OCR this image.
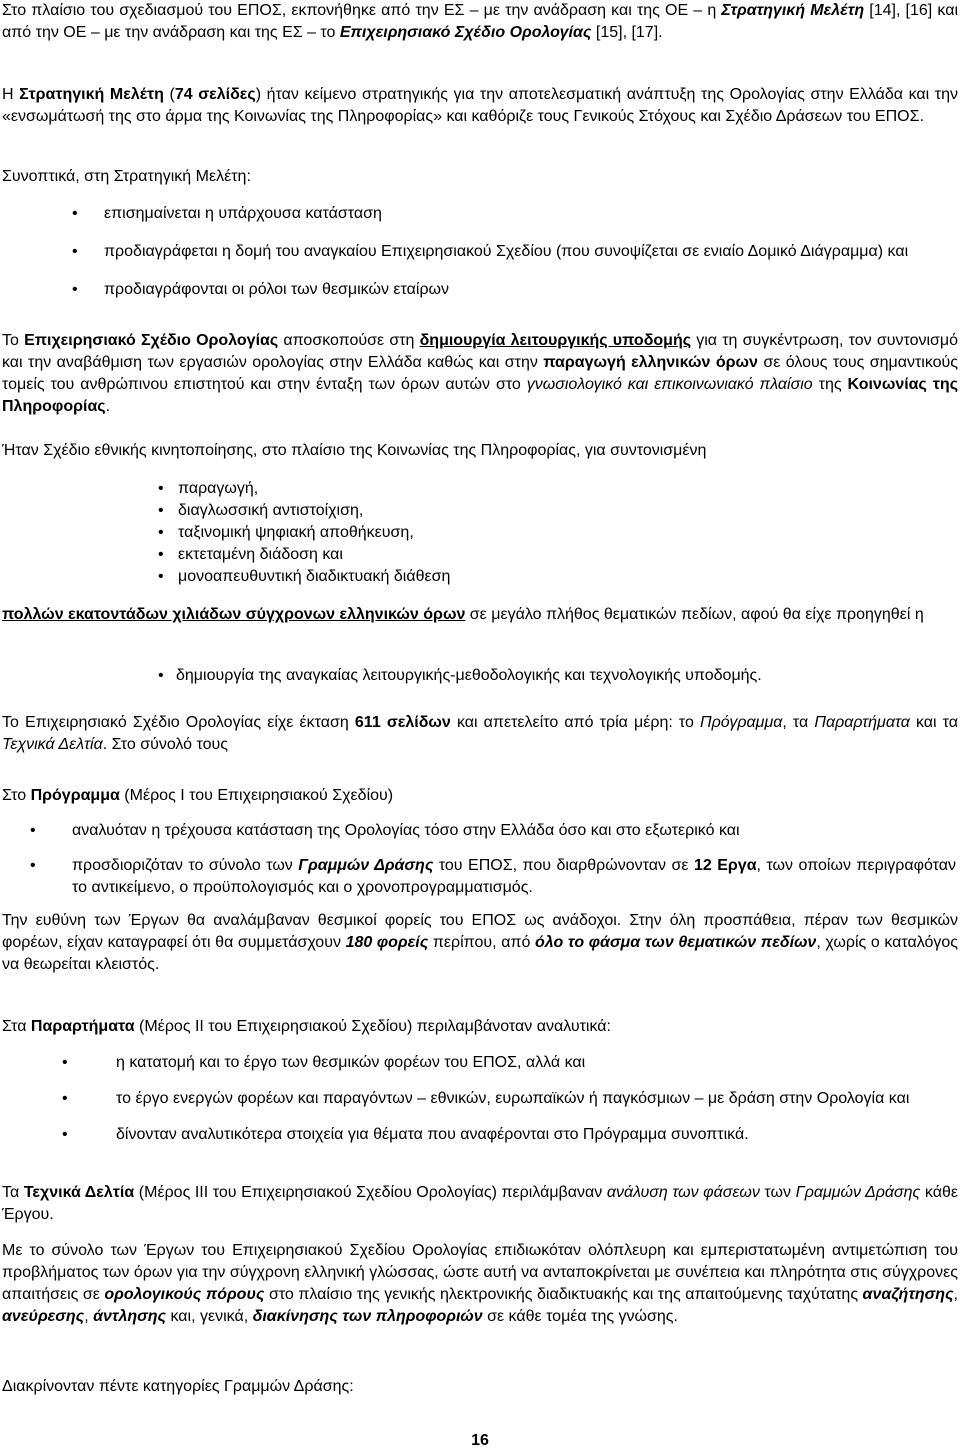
Στο πλαίσιο του σχεδιασμού του ΕΠΟΣ, εκπονήθηκε από την ΕΣ – με την ανάδραση και της ΟΕ – η Στρατηγική Μελέτη [14], [16] και από την ΟΕ – με την ανάδραση και της ΕΣ – το Επιχειρησιακό Σχέδιο Ορολογίας [15], [17].

Η Στρατηγική Μελέτη (74 σελίδες) ήταν κείμενο στρατηγικής για την αποτελεσματική ανάπτυξη της Ορολογίας στην Ελλάδα και την «ενσωμάτωσή της στο άρμα της Κοινωνίας της Πληροφορίας» και καθόριζε τους Γενικούς Στόχους και Σχέδιο Δράσεων του ΕΠΟΣ.

Συνοπτικά, στη Στρατηγική Μελέτη:

• επισημαίνεται η υπάρχουσα κατάσταση
• προδιαγράφεται η δομή του αναγκαίου Επιχειρησιακού Σχεδίου (που συνοψίζεται σε ενιαίο Δομικό Διάγραμμα) και
• προδιαγράφονται οι ρόλοι των θεσμικών εταίρων

Το Επιχειρησιακό Σχέδιο Ορολογίας αποσκοπούσε στη δημιουργία λειτουργικής υποδομής για τη συγκέντρωση, τον συντονισμό και την αναβάθμιση των εργασιών ορολογίας στην Ελλάδα καθώς και στην παραγωγή ελληνικών όρων σε όλους τους σημαντικούς τομείς του ανθρώπινου επιστητού και στην ένταξη των όρων αυτών στο γνωσιολογικό και επικοινωνιακό πλαίσιο της Κοινωνίας της Πληροφορίας.

Ήταν Σχέδιο εθνικής κινητοποίησης, στο πλαίσιο της Κοινωνίας της Πληροφορίας, για συντονισμένη

• παραγωγή,
• διαγλωσσική αντιστοίχιση,
• ταξινομική ψηφιακή αποθήκευση,
• εκτεταμένη διάδοση και
• μονοαπευθυντική διαδικτυακή διάθεση

πολλών εκατοντάδων χιλιάδων σύγχρονων ελληνικών όρων σε μεγάλο πλήθος θεματικών πεδίων, αφού θα είχε προηγηθεί η

• δημιουργία της αναγκαίας λειτουργικής-μεθοδολογικής και τεχνολογικής υποδομής.

Το Επιχειρησιακό Σχέδιο Ορολογίας είχε έκταση 611 σελίδων και απετελείτο από τρία μέρη: το Πρόγραμμα, τα Παραρτήματα και τα Τεχνικά Δελτία. Στο σύνολό τους

Στο Πρόγραμμα (Μέρος Ι του Επιχειρησιακού Σχεδίου)

• αναλυόταν η τρέχουσα κατάσταση της Ορολογίας τόσο στην Ελλάδα όσο και στο εξωτερικό και
• προσδιοριζόταν το σύνολο των Γραμμών Δράσης του ΕΠΟΣ, που διαρθρώνονταν σε 12 Εργα, των οποίων περιγραφόταν το αντικείμενο, ο προϋπολογισμός και ο χρονοπρογραμματισμός.

Την ευθύνη των Έργων θα αναλάμβαναν θεσμικοί φορείς του ΕΠΟΣ ως ανάδοχοι. Στην όλη προσπάθεια, πέραν των θεσμικών φορέων, είχαν καταγραφεί ότι θα συμμετάσχουν 180 φορείς περίπου, από όλο το φάσμα των θεματικών πεδίων, χωρίς ο καταλόγος να θεωρείται κλειστός.

Στα Παραρτήματα (Μέρος ΙΙ του Επιχειρησιακού Σχεδίου) περιλαμβάνοταν αναλυτικά:

• η κατατομή και το έργο των θεσμικών φορέων του ΕΠΟΣ, αλλά και
• το έργο ενεργών φορέων και παραγόντων – εθνικών, ευρωπαϊκών ή παγκόσμιων – με δράση στην Ορολογία και
• δίνονταν αναλυτικότερα στοιχεία για θέματα που αναφέρονται στο Πρόγραμμα συνοπτικά.

Τα Τεχνικά Δελτία (Μέρος ΙΙΙ του Επιχειρησιακού Σχεδίου Ορολογίας) περιλάμβαναν ανάλυση των φάσεων των Γραμμών Δράσης κάθε Έργου.

Με το σύνολο των Έργων του Επιχειρησιακού Σχεδίου Ορολογίας επιδιωκόταν ολόπλευρη και εμπεριστατωμένη αντιμετώπιση του προβλήματος των όρων για την σύγχρονη ελληνική γλώσσας, ώστε αυτή να ανταποκρίνεται με συνέπεια και πληρότητα στις σύγχρονες απαιτήσεις σε ορολογικούς πόρους στο πλαίσιο της γενικής ηλεκτρονικής διαδικτυακής και της απαιτούμενης ταχύτατης αναζήτησης, ανεύρεσης, άντλησης και, γενικά, διακίνησης των πληροφοριών σε κάθε τομέα της γνώσης.

Διακρίνονταν πέντε κατηγορίες Γραμμών Δράσης:

16
